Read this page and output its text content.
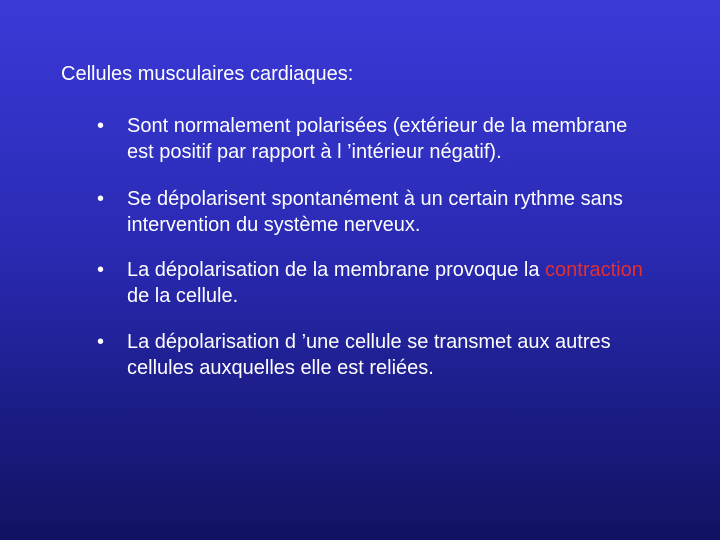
Cellules musculaires cardiaques:
• Sont normalement polarisées (extérieur de la membrane est positif par rapport à l ’intérieur négatif).
• Se dépolarisent spontanément à un certain rythme sans intervention du système nerveux.
• La dépolarisation de la membrane provoque la contraction de la cellule.
• La dépolarisation d ’une cellule se transmet aux autres cellules auxquelles elle est reliées.
